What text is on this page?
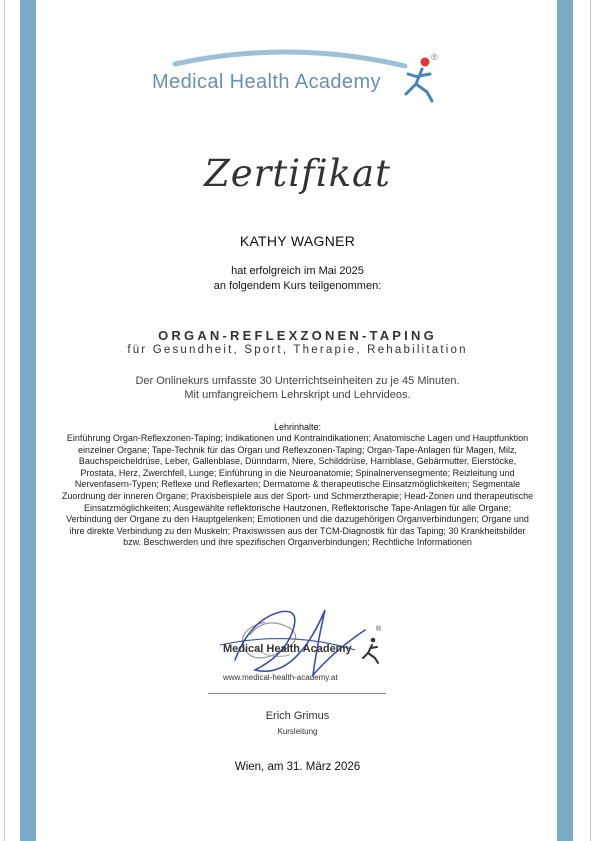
Medical Health Academy
®
Zertifikat
KATHY WAGNER
hat erfolgreich im Mai 2025
an folgendem Kurs teilgenommen:
ORGAN-REFLEXZONEN-TAPING
für Gesundheit, Sport, Therapie, Rehabilitation
Der Onlinekurs umfasste 30 Unterrichtseinheiten zu je 45 Minuten.
Mit umfangreichem Lehrskript und Lehrvideos.
Lehrinhalte:
Einführung Organ-Reflexzonen-Taping; Indikationen und Kontraindikationen; Anatomische Lagen und Hauptfunktion einzelner Organe; Tape-Technik für das Organ und Reflexzonen-Taping; Organ-Tape-Anlagen für Magen, Milz, Bauchspeicheldrüse, Leber, Gallenblase, Dünndarm, Niere, Schilddrüse, Harnblase, Gebärmutter, Eierstöcke, Prostata, Herz, Zwerchfell, Lunge; Einführung in die Neuroanatomie; Spinalnervensegmente; Reizleitung und Nervenfasern-Typen; Reflexe und Reflexarten; Dermatome & therapeutische Einsatzmöglichkeiten; Segmentale Zuordnung der inneren Organe; Praxisbeispiele aus der Sport- und Schmerztherapie; Head-Zonen und therapeutische Einsatzmöglichkeiten; Ausgewählte reflektorische Hautzonen, Reflektorische Tape-Anlagen für alle Organe; Verbindung der Organe zu den Hauptgelenken; Emotionen und die dazugehörigen Organverbindungen; Organe und ihre direkte Verbindung zu den Muskeln; Praxiswissen aus der TCM-Diagnostik für das Taping; 30 Krankheitsbilder bzw. Beschwerden und ihre spezifischen Organverbindungen; Rechtliche Informationen
Medical Health Academy
®
www.medical-health-academy.at
Erich Grimus
Kursleitung
Wien, am 31. März 2026
